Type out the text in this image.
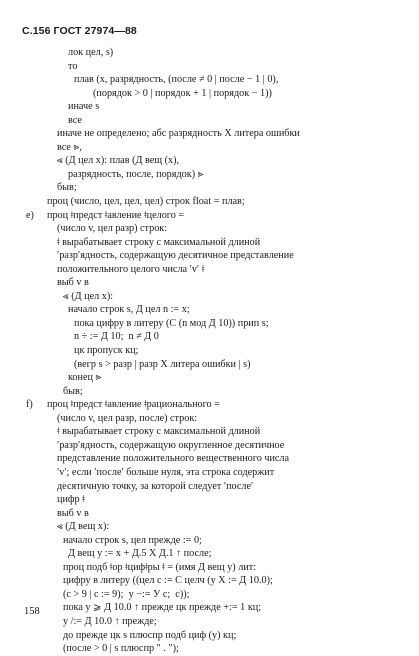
С.156 ГОСТ 27974—88
лок цел, s)
то
плав (х, разрядность, (после ≠ 0 | после − 1 | 0),
(порядок > 0 | порядок + 1 | порядок − 1))
иначе s
все
иначе не определено; абс разрядность X литера ошибки
все ⪢,
⪡ (Д цел х): плав (Д вещ (х),
разрядность, после, порядок) ⪢
быв;
проц (число, цел, цел, цел) строк float = плав;
e) проц ǂпредст ǂавление ǂцелого =
(число v, цел разр) строк:
ǂ вырабатывает строку с максимальной длиной
ʹразрʹядность, содержащую десятичное представление
положительного целого числа ʹvʹ ǂ
выб v в
⪡ (Д цел х):
начало строк s, Д цел n := х;
пока цифру в литеру (С (n мод Д 10)) прип s;
n ÷ := Д 10;  n ≠ Д 0
цк пропуск кц;
(вегр s > разр | разр X литера ошибки | s)
конец ⪢
быв;
f) проц ǂпредст ǂавление ǂрационального =
(число v, цел разр, после) строк:
ǂ вырабатывает строку с максимальной длиной
ʹразрʹядность, содержащую округленное десятичное
представление положительного вещественного числа
ʹvʹ; если ʹпослеʹ больше нуля, эта строка содержит
десятичную точку, за которой следует ʹпослеʹ
цифр ǂ
выб v в
⪡ (Д вещ х):
начало строк s, цел прежде := 0;
Д вещ у := х + Д.5 X Д.1 ↑ после;
проц подб ǂор ǂцифǂры ǂ = (имя Д вещ у) лит:
цифру в литеру ((цел с := С целч (у X := Д 10.0);
(с > 9 | с := 9);  у −:= У с;  с));
пока у ⩾ Д 10.0 ↑ прежде цк прежде +:= 1 кц;
у /:= Д 10.0 ↑ прежде;
до прежде цк s плюспр подб циф (у) кц;
(после > 0 | s плюспр " . ");
158
